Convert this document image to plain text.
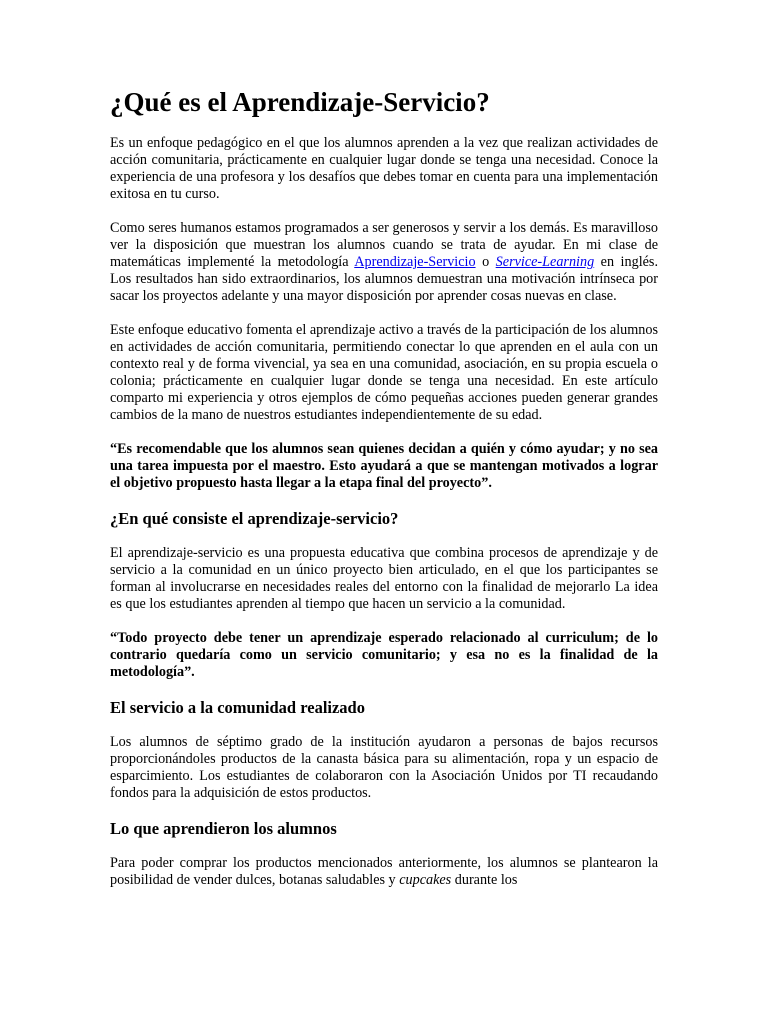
¿Qué es el Aprendizaje-Servicio?

Es un enfoque pedagógico en el que los alumnos aprenden a la vez que realizan actividades de acción comunitaria, prácticamente en cualquier lugar donde se tenga una necesidad. Conoce la experiencia de una profesora y los desafíos que debes tomar en cuenta para una implementación exitosa en tu curso.

Como seres humanos estamos programados a ser generosos y servir a los demás. Es maravilloso ver la disposición que muestran los alumnos cuando se trata de ayudar. En mi clase de matemáticas implementé la metodología Aprendizaje-Servicio o Service-Learning en inglés. Los resultados han sido extraordinarios, los alumnos demuestran una motivación intrínseca por sacar los proyectos adelante y una mayor disposición por aprender cosas nuevas en clase.

Este enfoque educativo fomenta el aprendizaje activo a través de la participación de los alumnos en actividades de acción comunitaria, permitiendo conectar lo que aprenden en el aula con un contexto real y de forma vivencial, ya sea en una comunidad, asociación, en su propia escuela o colonia; prácticamente en cualquier lugar donde se tenga una necesidad. En este artículo comparto mi experiencia y otros ejemplos de cómo pequeñas acciones pueden generar grandes cambios de la mano de nuestros estudiantes independientemente de su edad.

“Es recomendable que los alumnos sean quienes decidan a quién y cómo ayudar; y no sea una tarea impuesta por el maestro. Esto ayudará a que se mantengan motivados a lograr el objetivo propuesto hasta llegar a la etapa final del proyecto”.

¿En qué consiste el aprendizaje-servicio?

El aprendizaje-servicio es una propuesta educativa que combina procesos de aprendizaje y de servicio a la comunidad en un único proyecto bien articulado, en el que los participantes se forman al involucrarse en necesidades reales del entorno con la finalidad de mejorarlo La idea es que los estudiantes aprenden al tiempo que hacen un servicio a la comunidad.

“Todo proyecto debe tener un aprendizaje esperado relacionado al curriculum; de lo contrario quedaría como un servicio comunitario; y esa no es la finalidad de la metodología”.

El servicio a la comunidad realizado

Los alumnos de séptimo grado de la institución ayudaron a personas de bajos recursos proporcionándoles productos de la canasta básica para su alimentación, ropa y un espacio de esparcimiento. Los estudiantes de colaboraron con la Asociación Unidos por TI recaudando fondos para la adquisición de estos productos.

Lo que aprendieron los alumnos

Para poder comprar los productos mencionados anteriormente, los alumnos se plantearon la posibilidad de vender dulces, botanas saludables y cupcakes durante los
